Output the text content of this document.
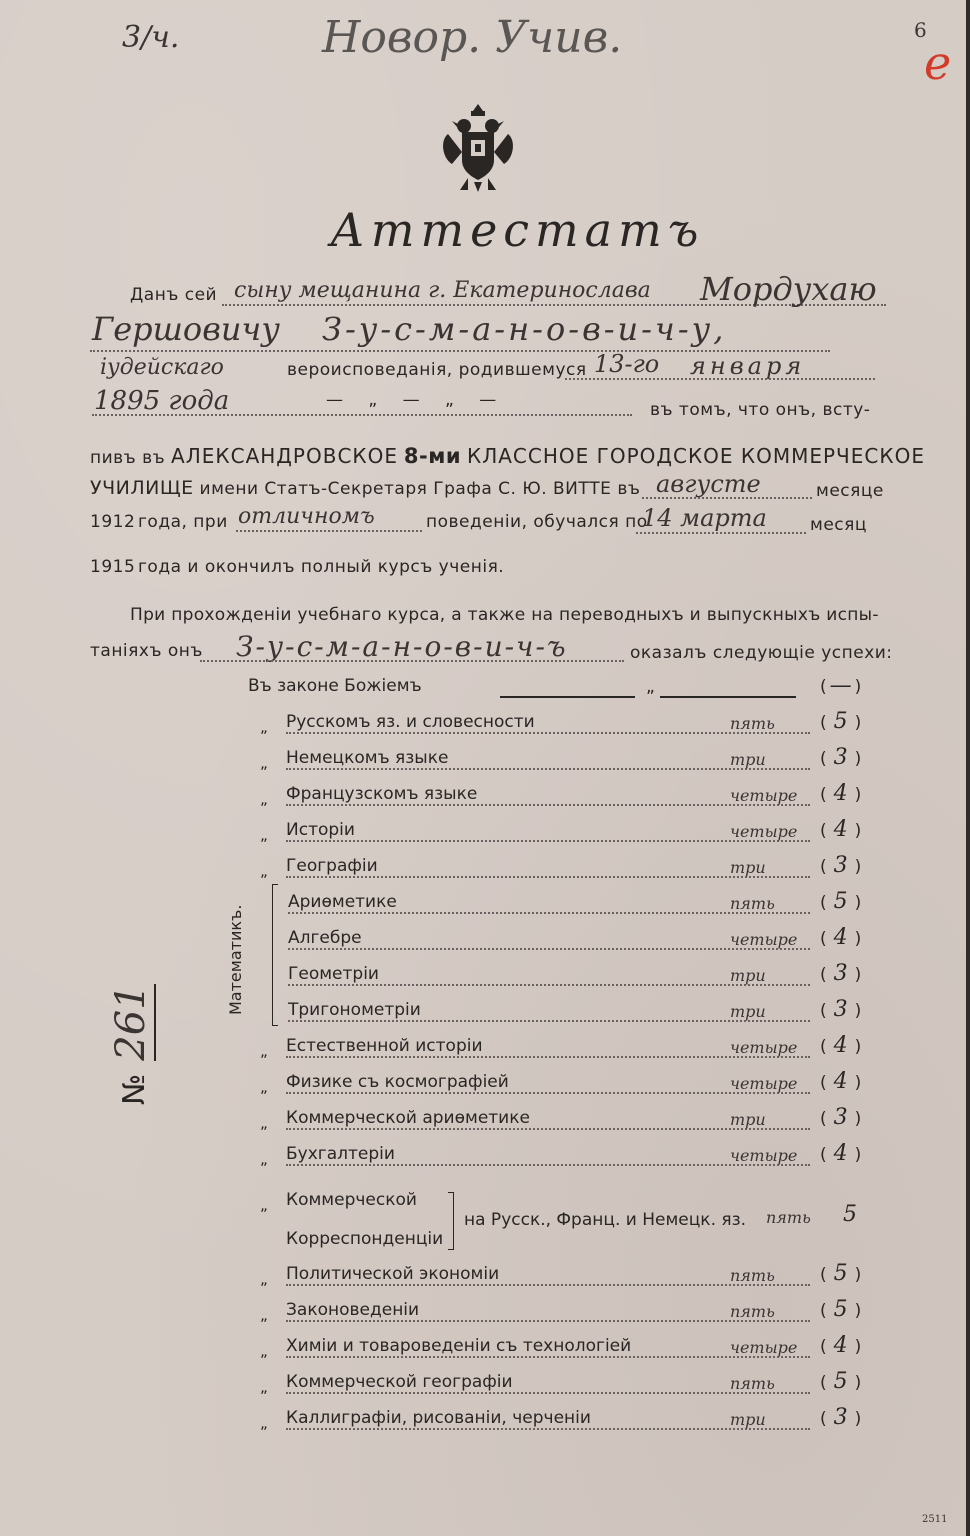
3/ч.	Новор. Учив.	6
е
2511
Аттестатъ
Данъ сей сыну мещанина г. Екатеринослава Мордухаю
Гершовичу З-у-с-м-а-н-о-в-и-ч-у,
іудейскаго	вероисповеданія, родившемуся 13-го января
1895 года	— „ — „ —	въ томъ, что онъ, всту-
пивъ въ АЛЕКСАНДРОВСКОЕ 8-ми КЛАССНОЕ ГОРОДСКОЕ КОММЕРЧЕСКОЕ
УЧИЛИЩЕ имени Статъ-Секретаря Графа С. Ю. ВИТТЕ въ августе	месяце
1912 года, при отличномъ	поведеніи, обучался по
14 марта	месяц
1915 года и окончилъ полный курсъ ученія.
При прохожденіи учебнаго курса, а также на переводныхъ и выпускныхъ испы-
таніяхъ онъ З-у-с-м-а-н-о-в-и-ч-ъ	оказалъ следующіе успехи:
Математикъ.
№ 261
Въ законе Божіемъ	„	( — )
„ Русскомъ яз. и словесности	пять	( 5 )
„ Немецкомъ языке	три	( 3 )
„ Французскомъ языке	четыре ( 4 )
„ Исторіи	четыре ( 4 )
„ Географіи	три	( 3 )
Ариѳметике	пять	( 5 )
Алгебре	четыре ( 4 )
Геометріи	три	( 3 )
Тригонометріи	три	( 3 )
„ Естественной исторіи	четыре ( 4 )
„ Физике съ космографіей	четыре ( 4 )
„ Коммерческой ариѳметике	три	( 3 )
„ Бухгалтеріи	четыре ( 4 )
„ Политической экономіи	пять	( 5 )
„ Законоведеніи	пять	( 5 )
„ Химіи и товароведеніи съ технологіей	четыре ( 4 )
„ Коммерческой географіи	пять	( 5 )
„ Каллиграфіи, рисованіи, черченіи	три	( 3 )
„ Коммерческой
Корреспонденціи
на Русск., Франц. и Немецк. яз. пять	5
